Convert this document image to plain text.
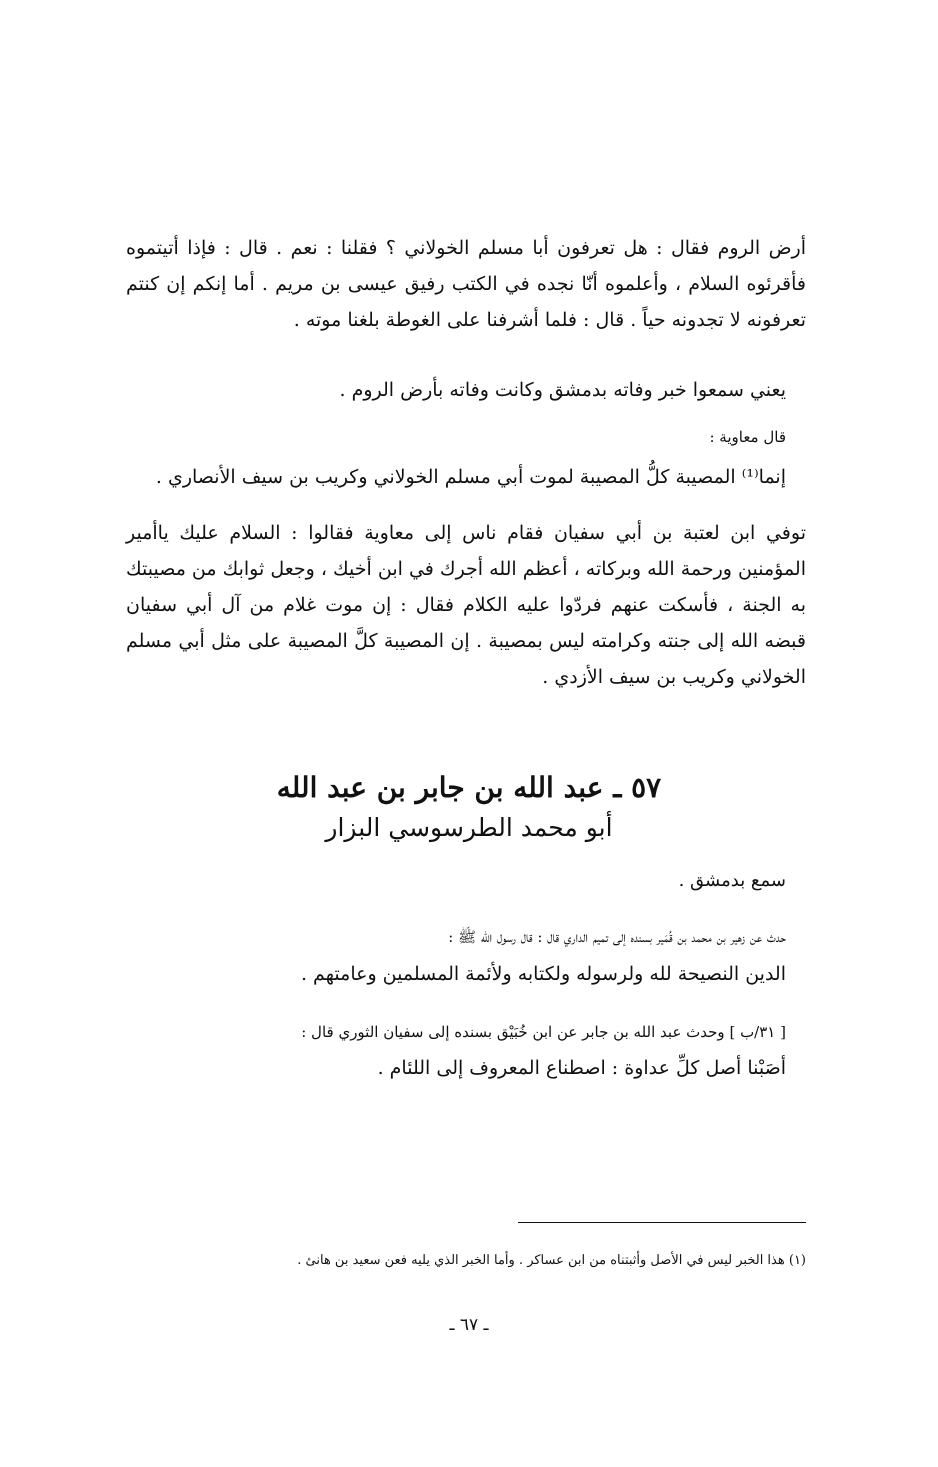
أرض الروم فقال : هل تعرفون أبا مسلم الخولاني ؟ فقلنا : نعم . قال : فإذا أتيتموه فأقرئوه السلام ، وأعلموه أنّا نجده في الكتب رفيق عيسى بن مريم . أما إنكم إن كنتم تعرفونه لا تجدونه حياً . قال : فلما أشرفنا على الغوطة بلغنا موته .

يعني سمعوا خبر وفاته بدمشق وكانت وفاته بأرض الروم .

قال معاوية :

إنما⁽¹⁾ المصيبة كلُّ المصيبة لموت أبي مسلم الخولاني وكريب بن سيف الأنصاري .

توفي ابن لعتبة بن أبي سفيان فقام ناس إلى معاوية فقالوا : السلام عليك ياأمير المؤمنين ورحمة الله وبركاته ، أعظم الله أجرك في ابن أخيك ، وجعل ثوابك من مصيبتك به الجنة ، فأسكت عنهم فردّوا عليه الكلام فقال : إن موت غلام من آل أبي سفيان قبضه الله إلى جنته وكرامته ليس بمصيبة . إن المصيبة كلَّ المصيبة على مثل أبي مسلم الخولاني وكريب بن سيف الأزدي .

٥٧ ـ عبد الله بن جابر بن عبد الله
أبو محمد الطرسوسي البزار

سمع بدمشق .

حدث عن زهير بن محمد بن قُمَير بسنده إلى تميم الداري قال : قال رسول الله ﷺ :

الدين النصيحة لله ولرسوله ولكتابه ولأئمة المسلمين وعامتهم .

[ ٣١/ب ] وحدث عبد الله بن جابر عن ابن خُبَيْق بسنده إلى سفيان الثوري قال :

أصَبْنا أصل كلِّ عداوة : اصطناع المعروف إلى اللئام .

(١) هذا الخبر ليس في الأصل وأثبتناه من ابن عساكر . وأما الخبر الذي يليه فعن سعيد بن هانئ .

ـ ٦٧ ـ
